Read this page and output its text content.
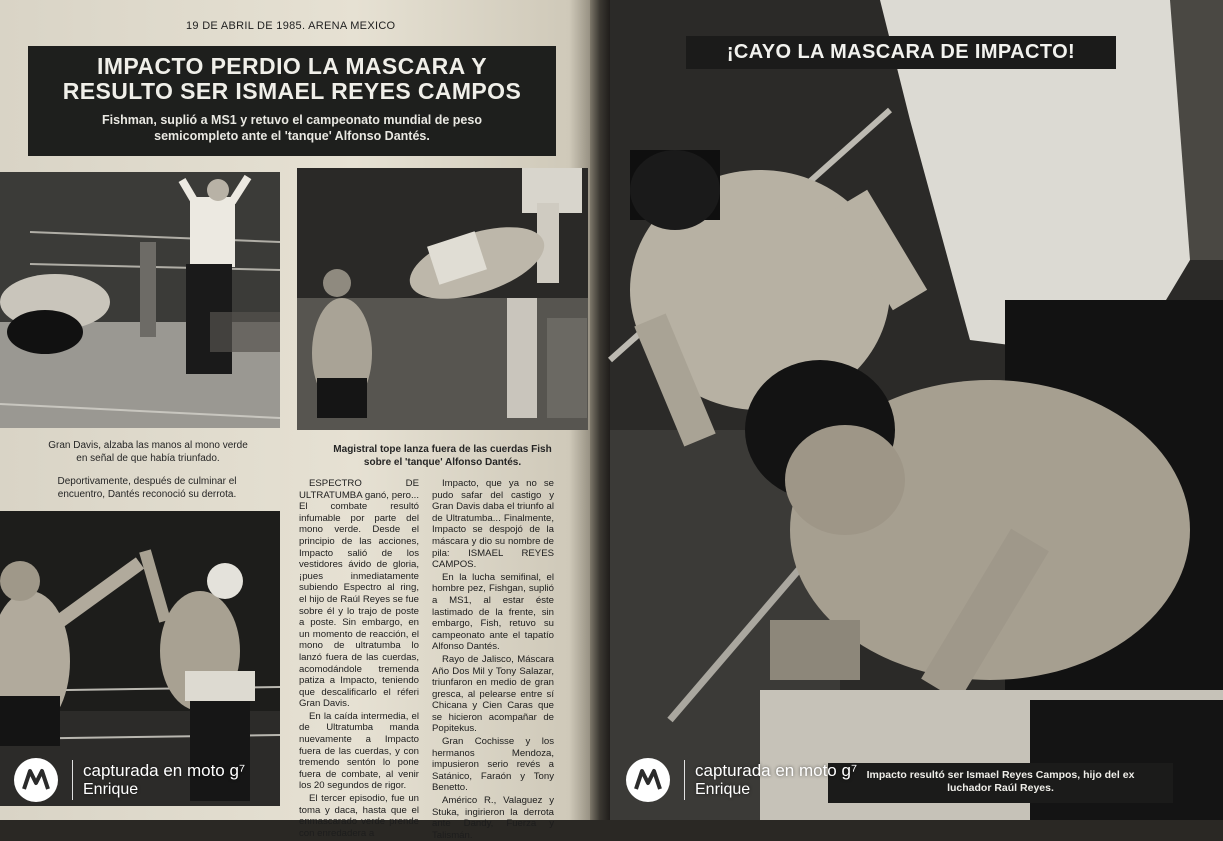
19 DE ABRIL DE 1985. ARENA MEXICO
IMPACTO PERDIO LA MASCARA Y
RESULTO SER ISMAEL REYES CAMPOS
Fishman, suplió a MS1 y retuvo el campeonato mundial de peso
semicompleto ante el 'tanque' Alfonso Dantés.
Gran Davis, alzaba las manos al mono verde
en señal de que había triunfado.
Deportivamente, después de culminar el
encuentro, Dantés reconoció su derrota.
Magistral tope lanza fuera de las cuerdas Fish
sobre el 'tanque' Alfonso Dantés.

ESPECTRO DE ULTRATUMBA ganó, pero... El combate resultó infumable por parte del mono verde. Desde el principio de las acciones, Impacto salió de los vestidores ávido de gloria, ¡pues inmediatamente subiendo Espectro al ring, el hijo de Raúl Reyes se fue sobre él y lo trajo de poste a poste. Sin embargo, en un momento de reacción, el mono de ultratumba lo lanzó fuera de las cuerdas, acomodándole tremenda patiza a Impacto, teniendo que descalificarlo el réferi Gran Davis.

En la caída intermedia, el de Ultratumba manda nuevamente a Impacto fuera de las cuerdas, y con tremendo sentón lo pone fuera de combate, al venir los 20 segundos de rigor.

El tercer episodio, fue un toma y daca, hasta que el enmascarado verde prende con enredadera a

Impacto, que ya no se pudo safar del castigo y Gran Davis daba el triunfo al de Ultratumba... Finalmente, Impacto se despojó de la máscara y dio su nombre de pila: ISMAEL REYES CAMPOS.

En la lucha semifinal, el hombre pez, Fishgan, suplió a MS1, al estar éste lastimado de la frente, sin embargo, Fish, retuvo su campeonato ante el tapatío Alfonso Dantés.

Rayo de Jalisco, Máscara Año Dos Mil y Tony Salazar, triunfaron en medio de gran gresca, al pelearse entre sí Chicana y Cien Caras que se hicieron acompañar de Popitekus.

Gran Cochisse y los hermanos Mendoza, impusieron serio revés a Satánico, Faraón y Tony Benetto.

Américo R., Valaguez y Stuka, ingirieron la derrota ante Dandy, Fuerza y Talismán.

¡CAYO LA MASCARA DE IMPACTO!
Impacto resultó ser Ismael Reyes Campos, hijo del ex
luchador Raúl Reyes.
capturada en moto g⁷
Enrique
capturada en moto g⁷
Enrique
